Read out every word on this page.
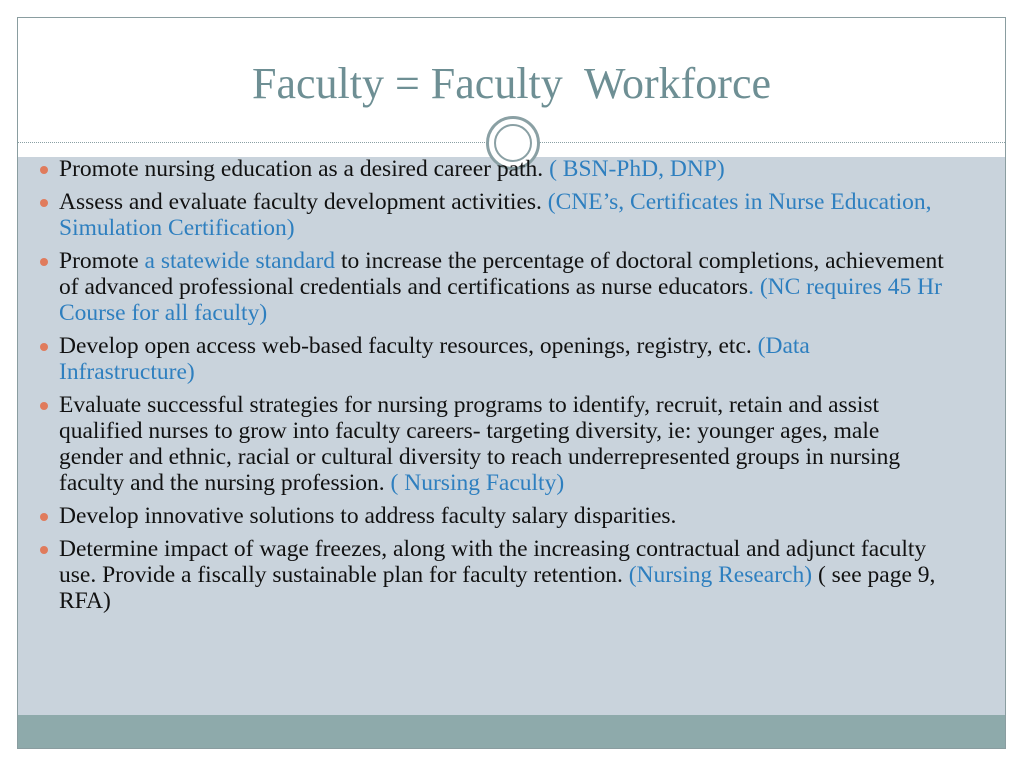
Faculty = Faculty  Workforce
Promote nursing education as a desired career path. ( BSN-PhD, DNP)
Assess and evaluate faculty development activities. (CNE’s, Certificates in Nurse Education, Simulation Certification)
Promote a statewide standard to increase the percentage of doctoral completions, achievement of advanced professional credentials and certifications as nurse educators. (NC requires 45 Hr Course for all faculty)
Develop open access web-based faculty resources, openings, registry, etc. (Data Infrastructure)
Evaluate successful strategies for nursing programs to identify, recruit, retain and assist qualified nurses to grow into faculty careers- targeting diversity, ie: younger ages, male gender and ethnic, racial or cultural diversity to reach underrepresented groups in nursing faculty and the nursing profession. ( Nursing Faculty)
Develop innovative solutions to address faculty salary disparities.
Determine impact of wage freezes, along with the increasing contractual and adjunct faculty use. Provide a fiscally sustainable plan for faculty retention. (Nursing Research) ( see page 9, RFA)
